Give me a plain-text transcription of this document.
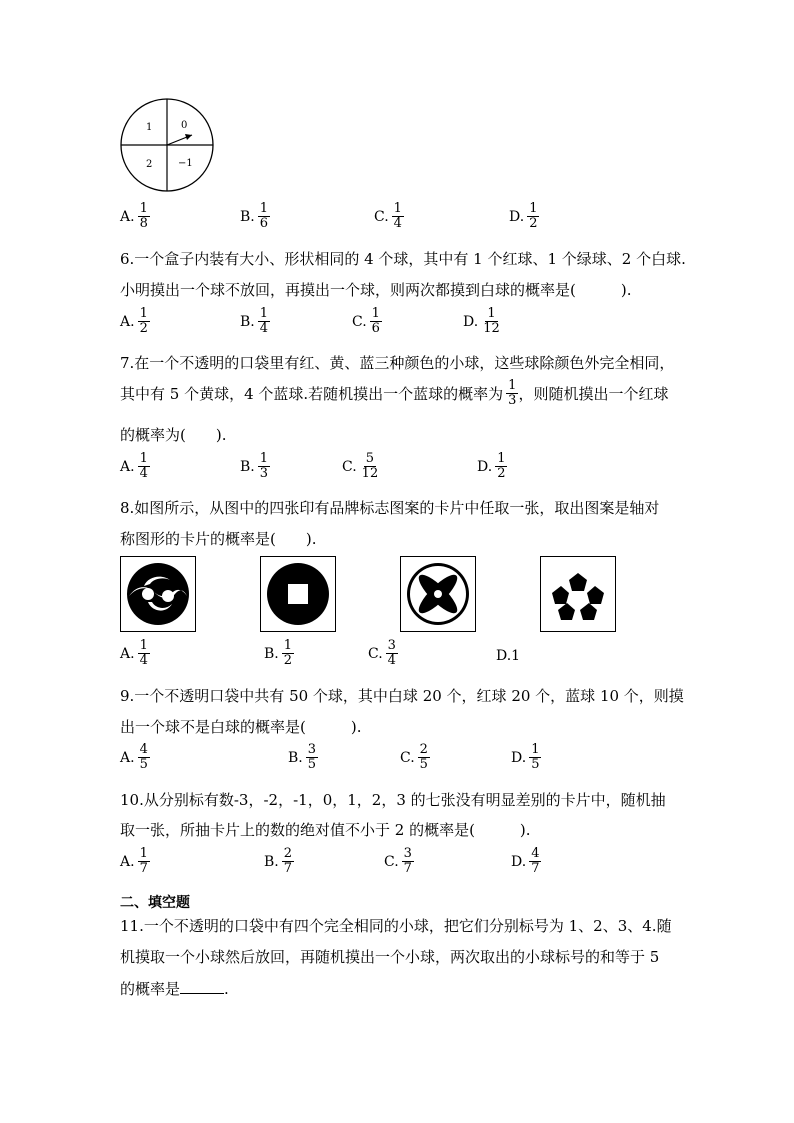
1	0
2	−1
A. $\frac{1}{8}$	B. $\frac{1}{6}$	C. $\frac{1}{4}$	D. $\frac{1}{2}$
6.一个盒子内装有大小、形状相同的 4 个球，其中有 1 个红球、1 个绿球、2 个白球.
小明摸出一个球不放回，再摸出一个球，则两次都摸到白球的概率是(　　　).
A. $\frac{1}{2}$	B. $\frac{1}{4}$	C. $\frac{1}{6}$	D. $\frac{1}{12}$
7.在一个不透明的口袋里有红、黄、蓝三种颜色的小球，这些球除颜色外完全相同，
其中有 5 个黄球，4 个蓝球.若随机摸出一个蓝球的概率为 $\frac{1}{3}$ ，则随机摸出一个红球
的概率为(　　).
A. $\frac{1}{4}$	B. $\frac{1}{3}$	C. $\frac{5}{12}$	D. $\frac{1}{2}$
8.如图所示，从图中的四张印有品牌标志图案的卡片中任取一张，取出图案是轴对
称图形的卡片的概率是(　　).
A. $\frac{1}{4}$	B. $\frac{1}{2}$	C. $\frac{3}{4}$	D.1
9.一个不透明口袋中共有 50 个球，其中白球 20 个，红球 20 个，蓝球 10 个，则摸
出一个球不是白球的概率是(　　　).
A. $\frac{4}{5}$	B. $\frac{3}{5}$	C. $\frac{2}{5}$	D. $\frac{1}{5}$
10.从分别标有数-3，-2，-1，0，1，2，3 的七张没有明显差别的卡片中，随机抽
取一张，所抽卡片上的数的绝对值不小于 2 的概率是(　　　).
A. $\frac{1}{7}$	B. $\frac{2}{7}$	C. $\frac{3}{7}$	D. $\frac{4}{7}$
二、填空题
11.一个不透明的口袋中有四个完全相同的小球，把它们分别标号为 1、2、3、4.随
机摸取一个小球然后放回，再随机摸出一个小球，两次取出的小球标号的和等于 5
的概率是	.
